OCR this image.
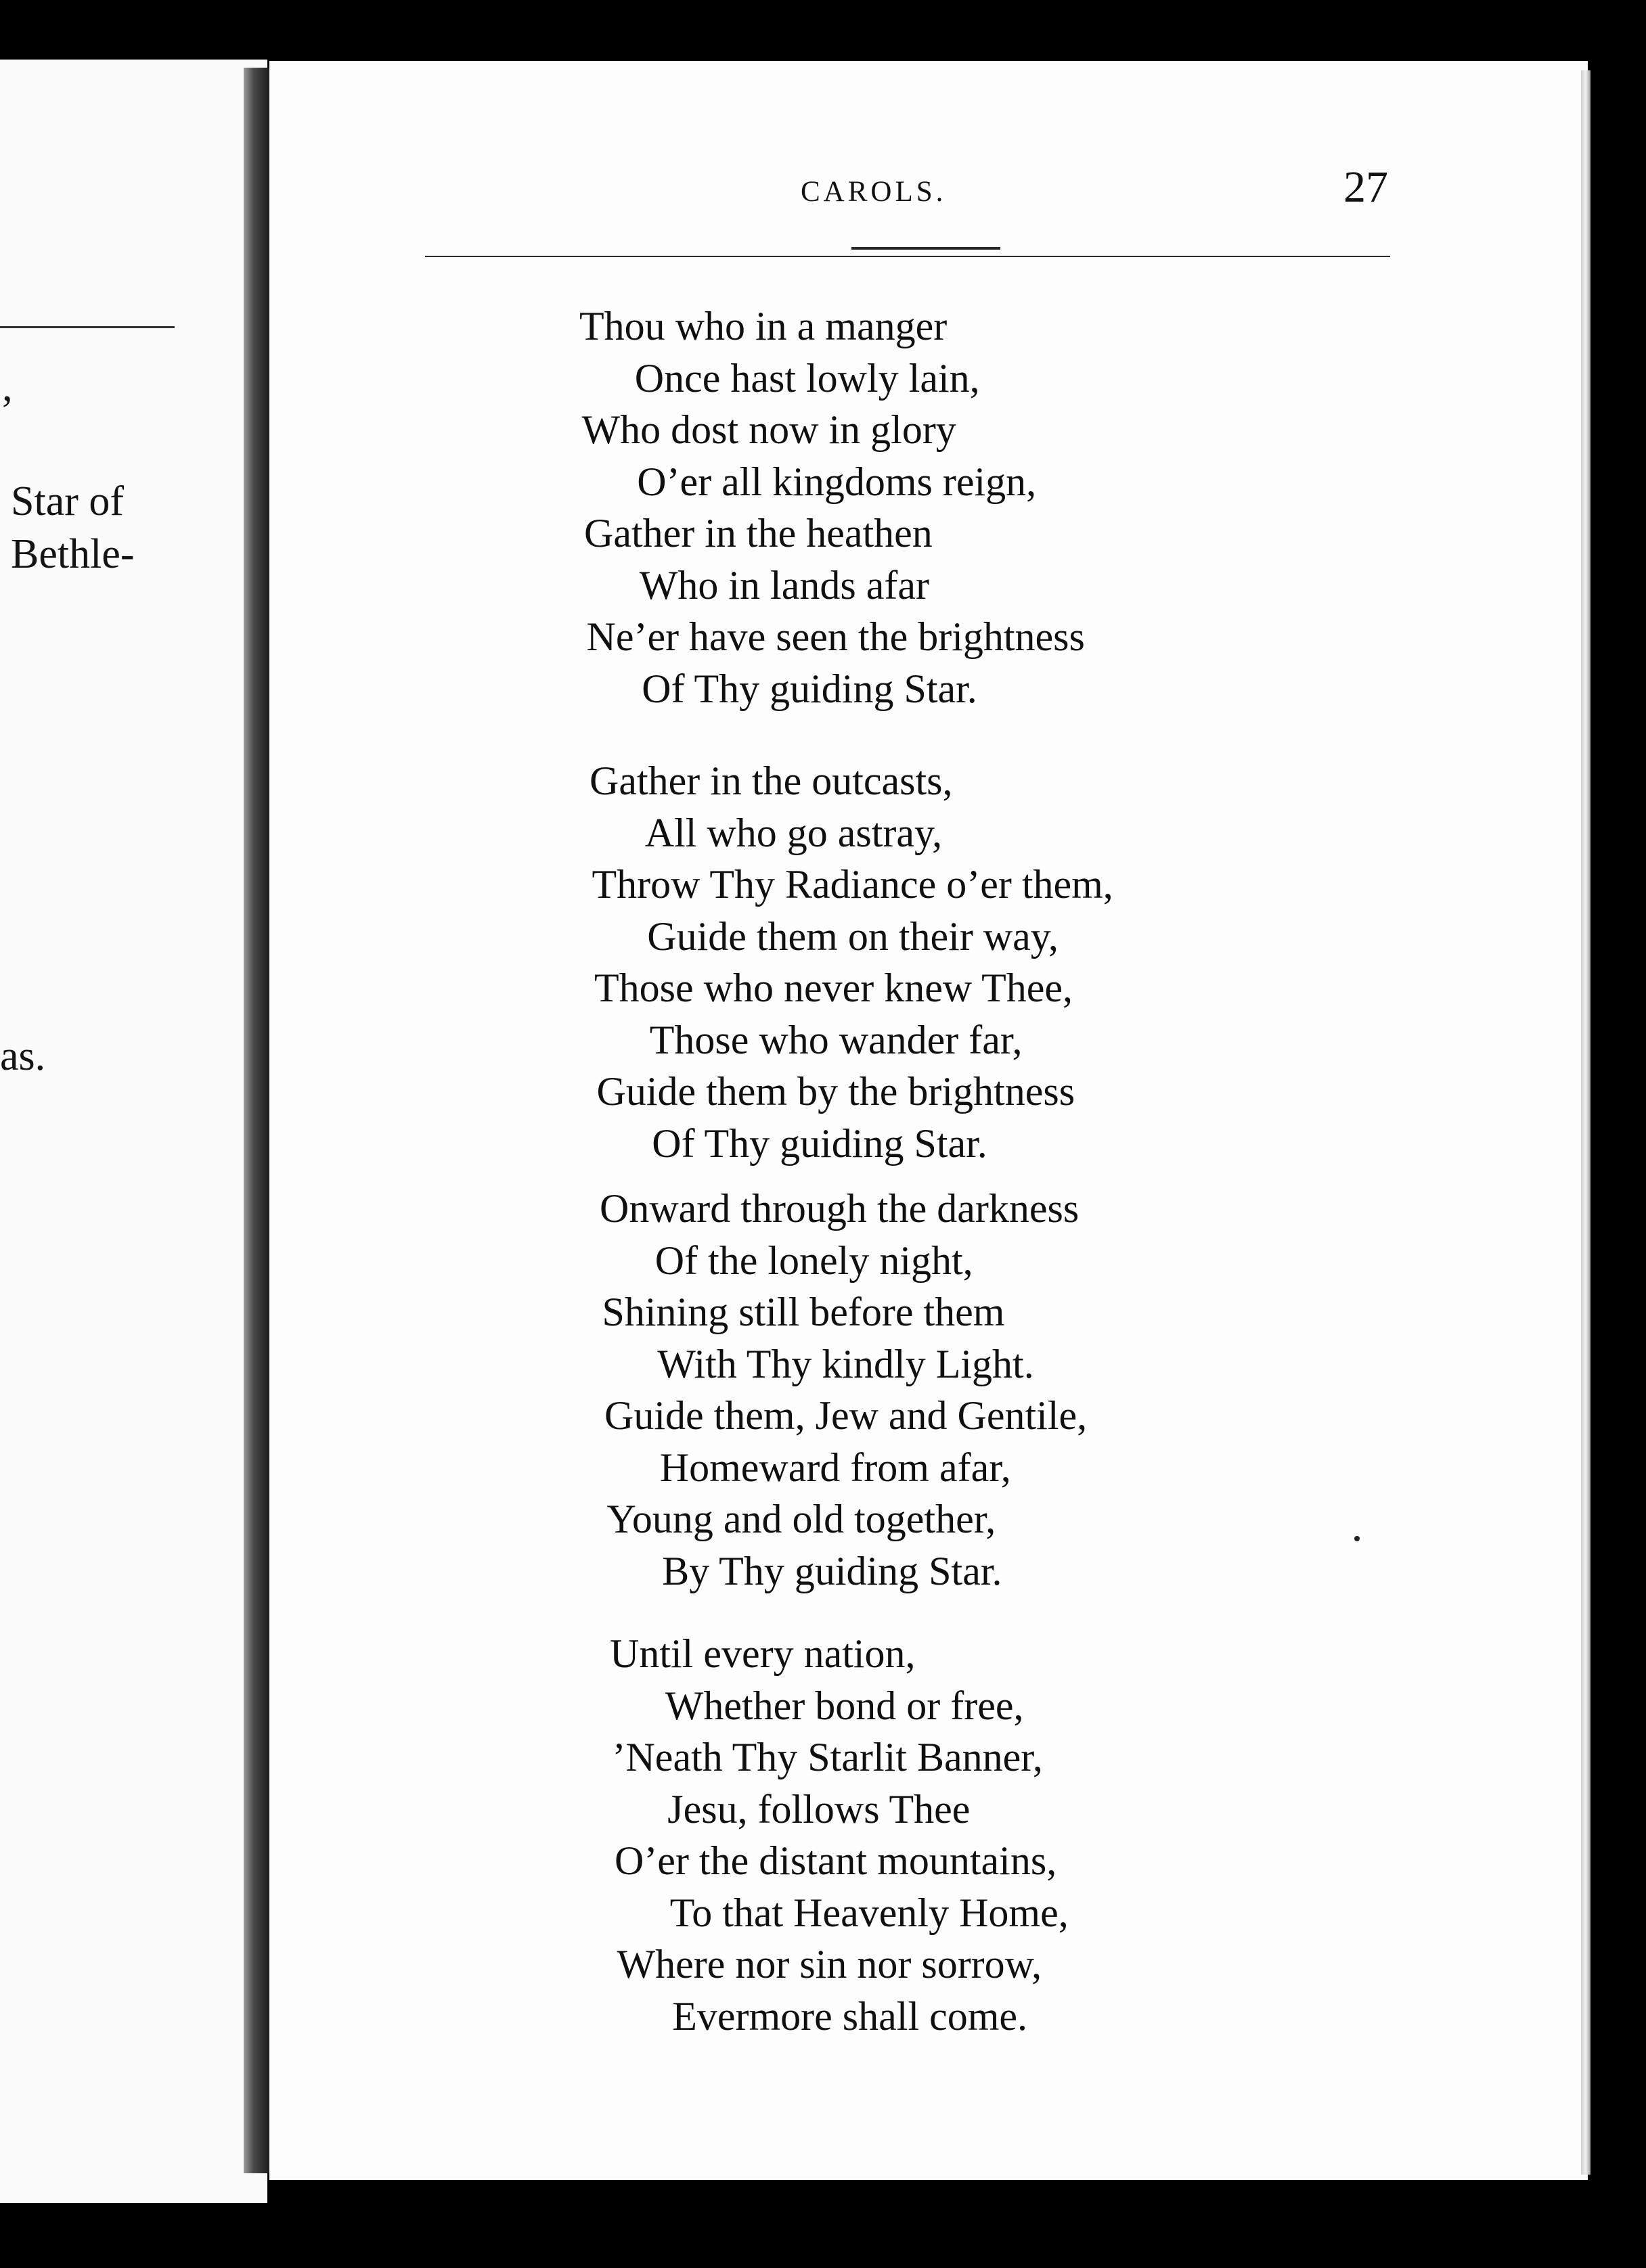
’
Star of
Bethle-
as.
CAROLS.	27
Thou who in a manger
Once hast lowly lain,
Who dost now in glory
O’er all kingdoms reign,
Gather in the heathen
Who in lands afar
Ne’er have seen the brightness
Of Thy guiding Star.
Gather in the outcasts,
All who go astray,
Throw Thy Radiance o’er them,
Guide them on their way,
Those who never knew Thee,
Those who wander far,
Guide them by the brightness
Of Thy guiding Star.
Onward through the darkness
Of the lonely night,
Shining still before them
With Thy kindly Light.
Guide them, Jew and Gentile,
Homeward from afar,
Young and old together,
By Thy guiding Star.
Until every nation,
Whether bond or free,
’Neath Thy Starlit Banner,
Jesu, follows Thee
O’er the distant mountains,
To that Heavenly Home,
Where nor sin nor sorrow,
Evermore shall come.
